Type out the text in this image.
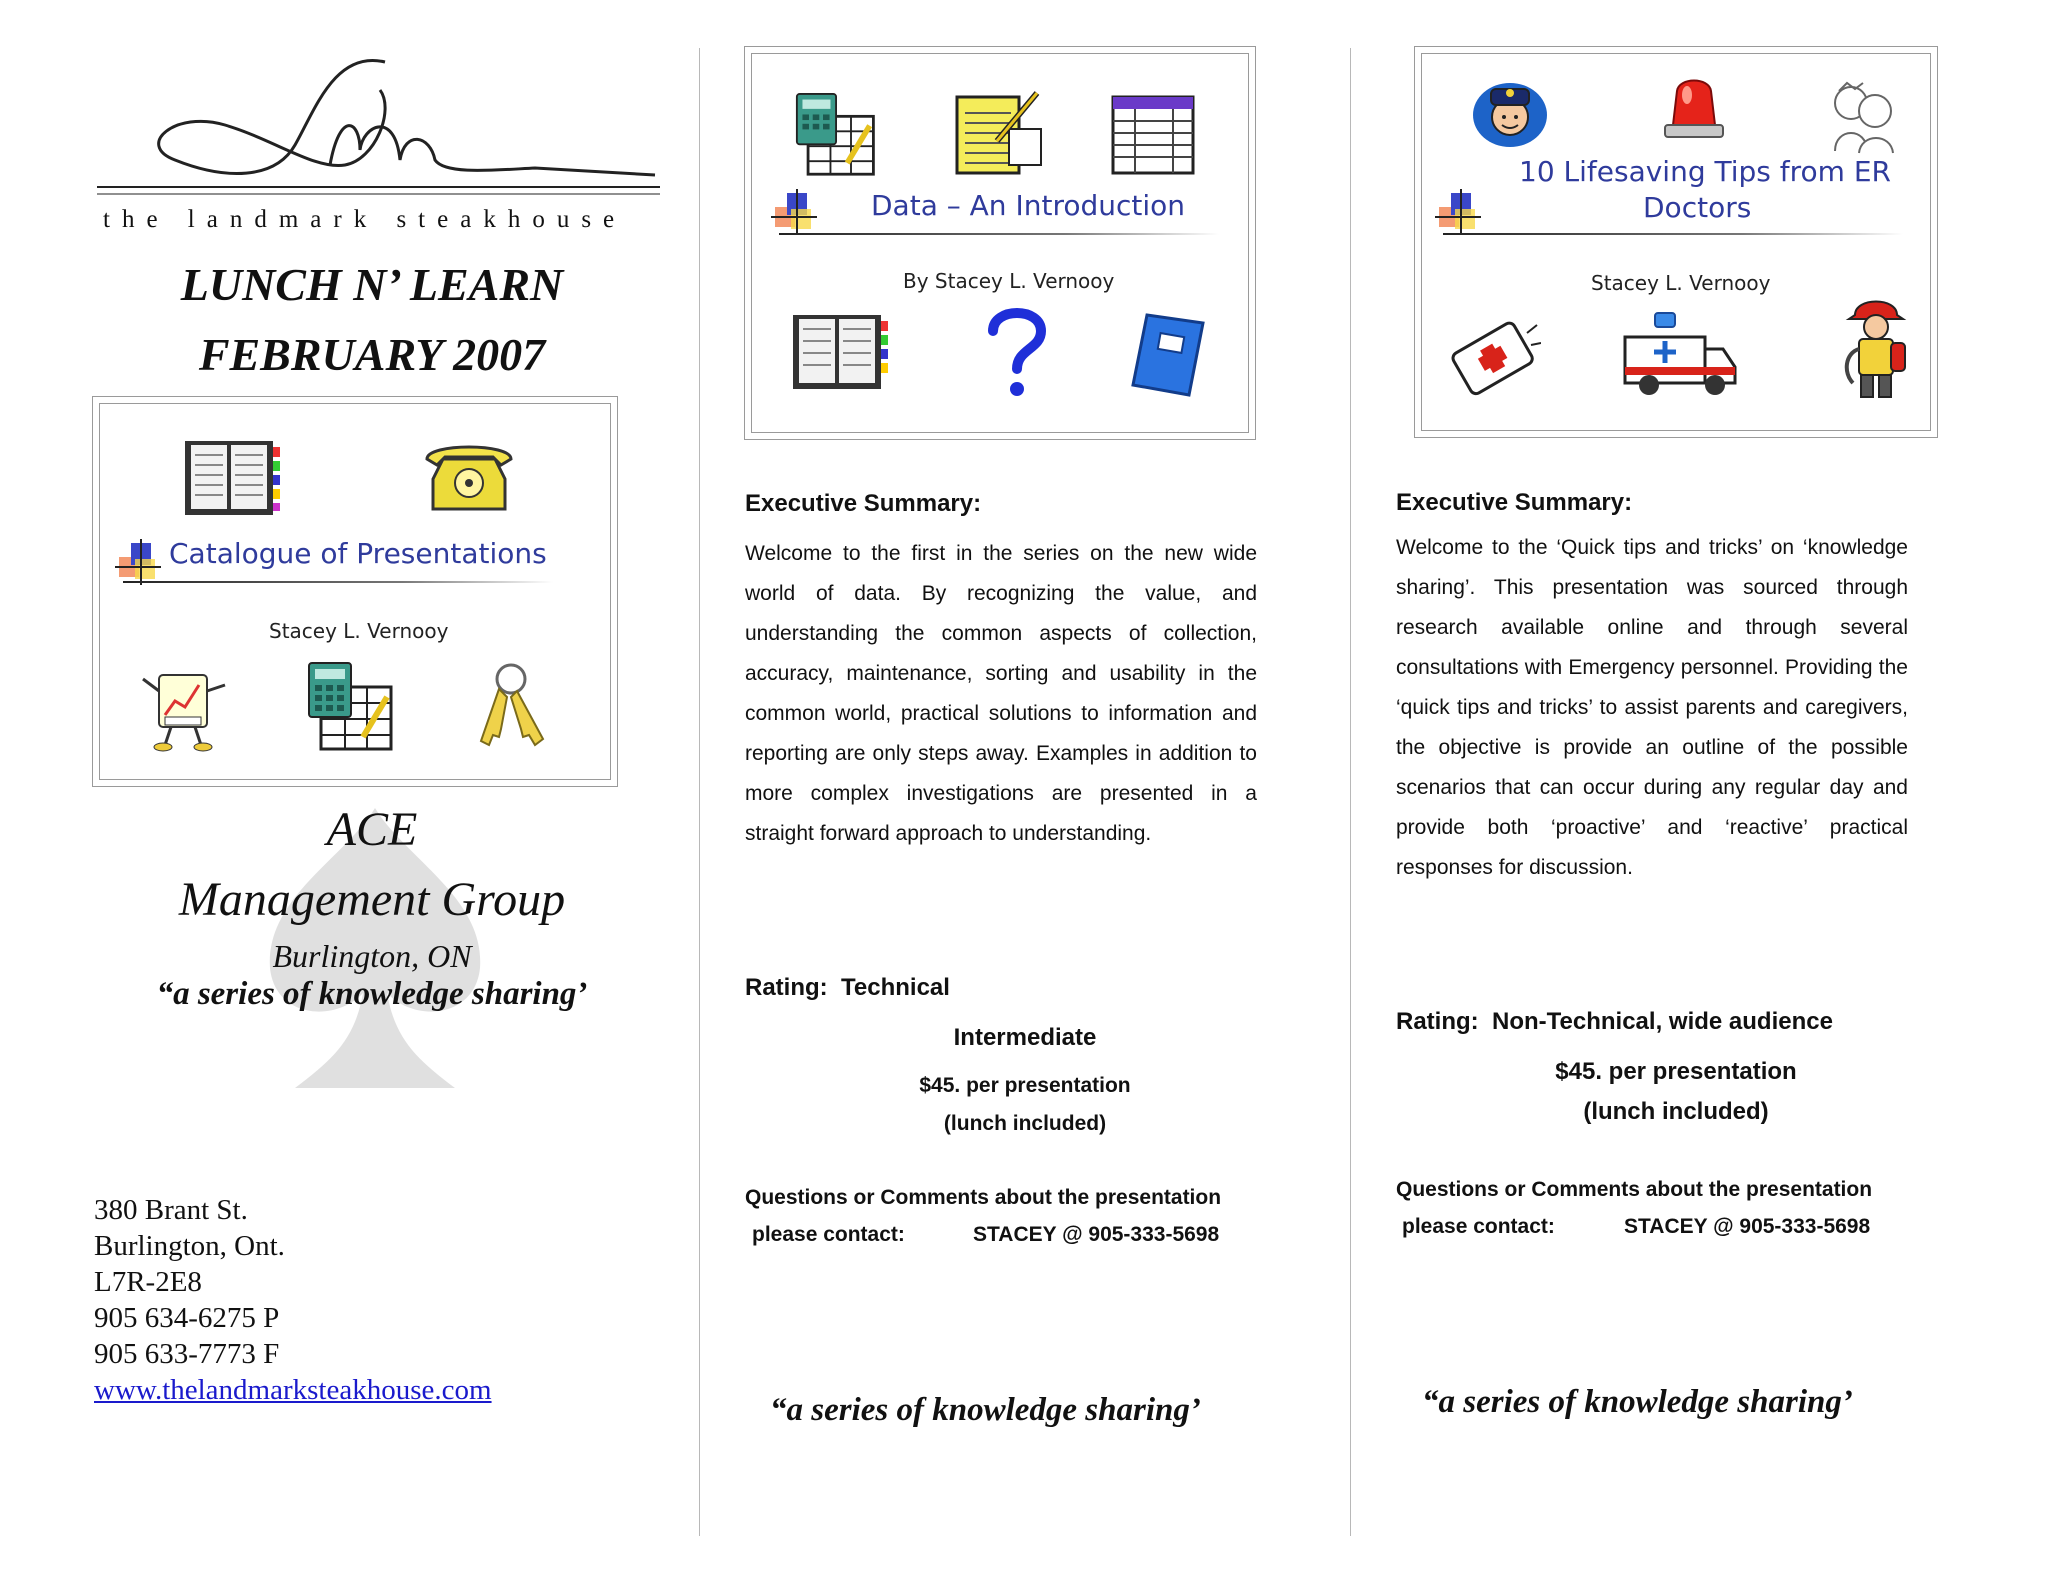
the landmark steakhouse
LUNCH N’ LEARN
FEBRUARY 2007
Catalogue of Presentations
Stacey L. Vernooy
ACE
Management Group
Burlington, ON
“a series of knowledge sharing’
380 Brant St.
Burlington, Ont.
L7R-2E8
905 634-6275 P
905 633-7773 F
www.thelandmarksteakhouse.com
Data – An Introduction
By Stacey L. Vernooy
Executive Summary:
Welcome to the first in the series on the new wide world of data. By recognizing the value, and understanding the common aspects of collection, accuracy, maintenance, sorting and usability in the common world, practical solutions to information and reporting are only steps away. Examples in addition to more complex investigations are presented in a straight forward approach to understanding.
Rating: Technical
Intermediate
$45. per presentation
(lunch included)
Questions or Comments about the presentation
please contact:	STACEY @ 905-333-5698
“a series of knowledge sharing’
10 Lifesaving Tips from ER
Doctors
Stacey L. Vernooy
Executive Summary:
Welcome to the ‘Quick tips and tricks’ on ‘knowledge sharing’. This presentation was sourced through research available online and through several consultations with Emergency personnel. Providing the ‘quick tips and tricks’ to assist parents and caregivers, the objective is provide an outline of the possible scenarios that can occur during any regular day and provide both ‘proactive’ and ‘reactive’ practical responses for discussion.
Rating: Non-Technical, wide audience
$45. per presentation
(lunch included)
Questions or Comments about the presentation
please contact:	STACEY @ 905-333-5698
“a series of knowledge sharing’
